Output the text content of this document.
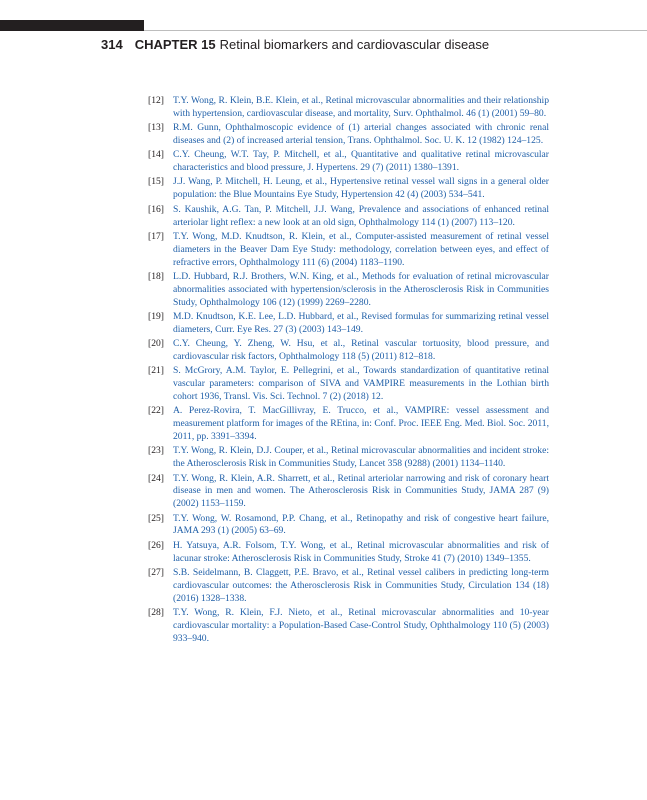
314 CHAPTER 15 Retinal biomarkers and cardiovascular disease
[12] T.Y. Wong, R. Klein, B.E. Klein, et al., Retinal microvascular abnormalities and their relationship with hypertension, cardiovascular disease, and mortality, Surv. Ophthalmol. 46 (1) (2001) 59–80.
[13] R.M. Gunn, Ophthalmoscopic evidence of (1) arterial changes associated with chronic renal diseases and (2) of increased arterial tension, Trans. Ophthalmol. Soc. U. K. 12 (1982) 124–125.
[14] C.Y. Cheung, W.T. Tay, P. Mitchell, et al., Quantitative and qualitative retinal microvascular characteristics and blood pressure, J. Hypertens. 29 (7) (2011) 1380–1391.
[15] J.J. Wang, P. Mitchell, H. Leung, et al., Hypertensive retinal vessel wall signs in a general older population: the Blue Mountains Eye Study, Hypertension 42 (4) (2003) 534–541.
[16] S. Kaushik, A.G. Tan, P. Mitchell, J.J. Wang, Prevalence and associations of enhanced retinal arteriolar light reflex: a new look at an old sign, Ophthalmology 114 (1) (2007) 113–120.
[17] T.Y. Wong, M.D. Knudtson, R. Klein, et al., Computer-assisted measurement of retinal vessel diameters in the Beaver Dam Eye Study: methodology, correlation between eyes, and effect of refractive errors, Ophthalmology 111 (6) (2004) 1183–1190.
[18] L.D. Hubbard, R.J. Brothers, W.N. King, et al., Methods for evaluation of retinal microvascular abnormalities associated with hypertension/sclerosis in the Atherosclerosis Risk in Communities Study, Ophthalmology 106 (12) (1999) 2269–2280.
[19] M.D. Knudtson, K.E. Lee, L.D. Hubbard, et al., Revised formulas for summarizing retinal vessel diameters, Curr. Eye Res. 27 (3) (2003) 143–149.
[20] C.Y. Cheung, Y. Zheng, W. Hsu, et al., Retinal vascular tortuosity, blood pressure, and cardiovascular risk factors, Ophthalmology 118 (5) (2011) 812–818.
[21] S. McGrory, A.M. Taylor, E. Pellegrini, et al., Towards standardization of quantitative retinal vascular parameters: comparison of SIVA and VAMPIRE measurements in the Lothian birth cohort 1936, Transl. Vis. Sci. Technol. 7 (2) (2018) 12.
[22] A. Perez-Rovira, T. MacGillivray, E. Trucco, et al., VAMPIRE: vessel assessment and measurement platform for images of the REtina, in: Conf. Proc. IEEE Eng. Med. Biol. Soc. 2011, 2011, pp. 3391–3394.
[23] T.Y. Wong, R. Klein, D.J. Couper, et al., Retinal microvascular abnormalities and incident stroke: the Atherosclerosis Risk in Communities Study, Lancet 358 (9288) (2001) 1134–1140.
[24] T.Y. Wong, R. Klein, A.R. Sharrett, et al., Retinal arteriolar narrowing and risk of coronary heart disease in men and women. The Atherosclerosis Risk in Communities Study, JAMA 287 (9) (2002) 1153–1159.
[25] T.Y. Wong, W. Rosamond, P.P. Chang, et al., Retinopathy and risk of congestive heart failure, JAMA 293 (1) (2005) 63–69.
[26] H. Yatsuya, A.R. Folsom, T.Y. Wong, et al., Retinal microvascular abnormalities and risk of lacunar stroke: Atherosclerosis Risk in Communities Study, Stroke 41 (7) (2010) 1349–1355.
[27] S.B. Seidelmann, B. Claggett, P.E. Bravo, et al., Retinal vessel calibers in predicting long-term cardiovascular outcomes: the Atherosclerosis Risk in Communities Study, Circulation 134 (18) (2016) 1328–1338.
[28] T.Y. Wong, R. Klein, F.J. Nieto, et al., Retinal microvascular abnormalities and 10-year cardiovascular mortality: a Population-Based Case-Control Study, Ophthalmology 110 (5) (2003) 933–940.
